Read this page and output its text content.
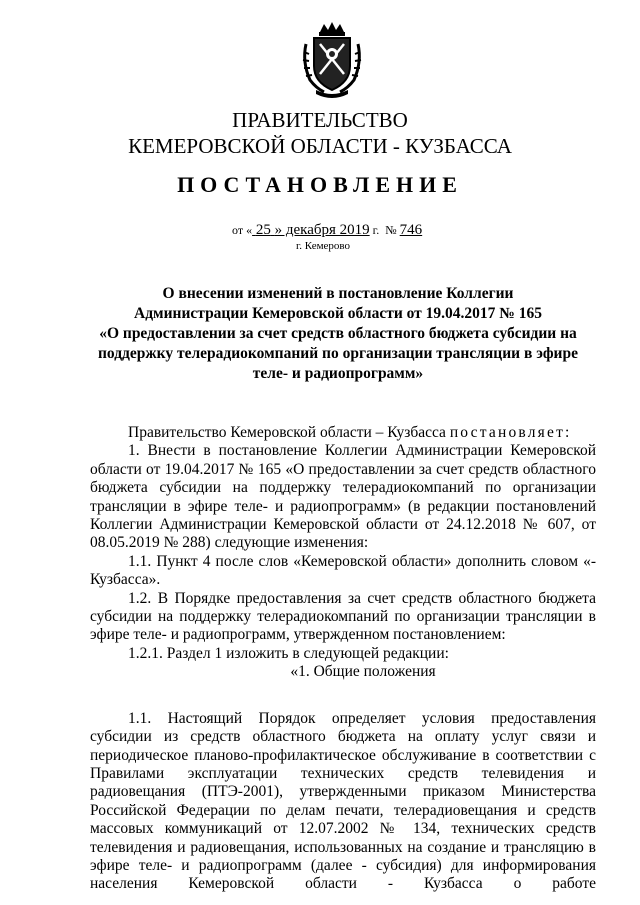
ПРАВИТЕЛЬСТВО
КЕМЕРОВСКОЙ ОБЛАСТИ - КУЗБАССА
ПОСТАНОВЛЕНИЕ
от « 25 » декабря 2019 г. № 746
г. Кемерово
О внесении изменений в постановление Коллегии
Администрации Кемеровской области от 19.04.2017 № 165
«О предоставлении за счет средств областного бюджета субсидии на
поддержку телерадиокомпаний по организации трансляции в эфире
теле- и радиопрограмм»

Правительство Кемеровской области – Кузбасса постановляет:

1. Внести в постановление Коллегии Администрации Кемеровской области от 19.04.2017 № 165 «О предоставлении за счет средств областного бюджета субсидии на поддержку телерадиокомпаний по организации трансляции в эфире теле- и радиопрограмм» (в редакции постановлений Коллегии Администрации Кемеровской области от 24.12.2018 № 607, от 08.05.2019 № 288) следующие изменения:

1.1. Пункт 4 после слов «Кемеровской области» дополнить словом «- Кузбасса».

1.2. В Порядке предоставления за счет средств областного бюджета субсидии на поддержку телерадиокомпаний по организации трансляции в эфире теле- и радиопрограмм, утвержденном постановлением:

1.2.1. Раздел 1 изложить в следующей редакции:

«1. Общие положения

1.1. Настоящий Порядок определяет условия предоставления субсидии из средств областного бюджета на оплату услуг связи и периодическое планово-профилактическое обслуживание в соответствии с Правилами эксплуатации технических средств телевидения и радиовещания (ПТЭ-2001), утвержденными приказом Министерства Российской Федерации по делам печати, телерадиовещания и средств массовых коммуникаций от 12.07.2002 № 134, технических средств телевидения и радиовещания, использованных на создание и трансляцию в эфире теле- и радиопрограмм (далее - субсидия) для информирования населения Кемеровской области - Кузбасса о работе
